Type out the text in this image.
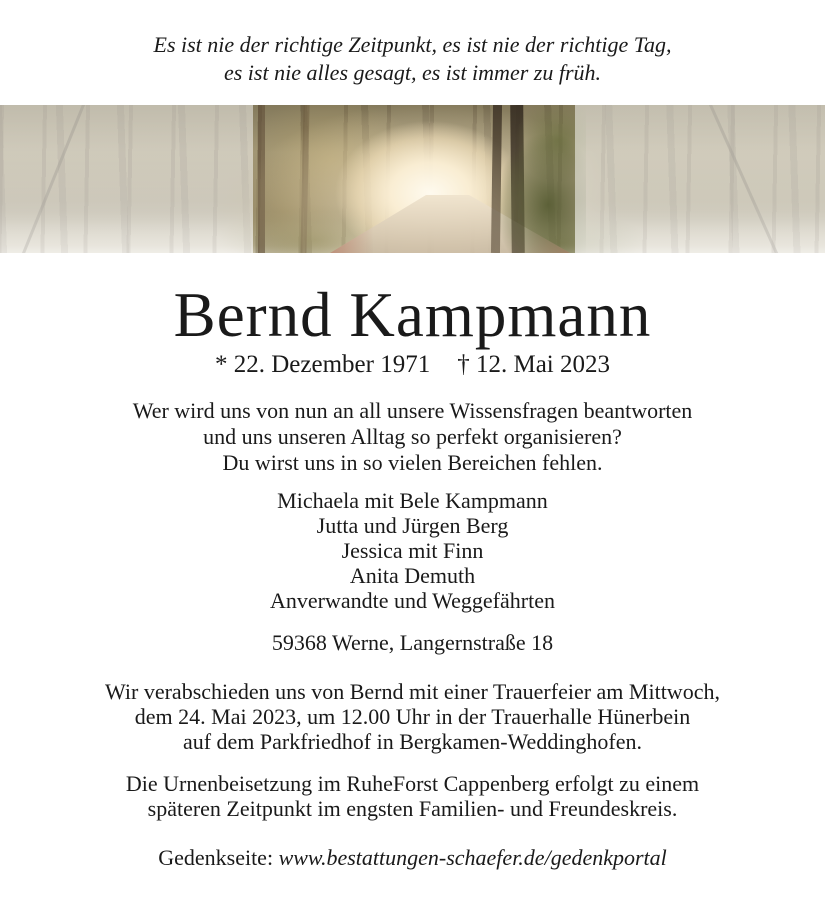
Es ist nie der richtige Zeitpunkt, es ist nie der richtige Tag,
es ist nie alles gesagt, es ist immer zu früh.
Bernd Kampmann
* 22. Dezember 1971 † 12. Mai 2023
Wer wird uns von nun an all unsere Wissensfragen beantworten
und uns unseren Alltag so perfekt organisieren?
Du wirst uns in so vielen Bereichen fehlen.
Michaela mit Bele Kampmann
Jutta und Jürgen Berg
Jessica mit Finn
Anita Demuth
Anverwandte und Weggefährten
59368 Werne, Langernstraße 18
Wir verabschieden uns von Bernd mit einer Trauerfeier am Mittwoch,
dem 24. Mai 2023, um 12.00 Uhr in der Trauerhalle Hünerbein
auf dem Parkfriedhof in Bergkamen-Weddinghofen.
Die Urnenbeisetzung im RuheForst Cappenberg erfolgt zu einem
späteren Zeitpunkt im engsten Familien- und Freundeskreis.
Gedenkseite: www.bestattungen-schaefer.de/gedenkportal
